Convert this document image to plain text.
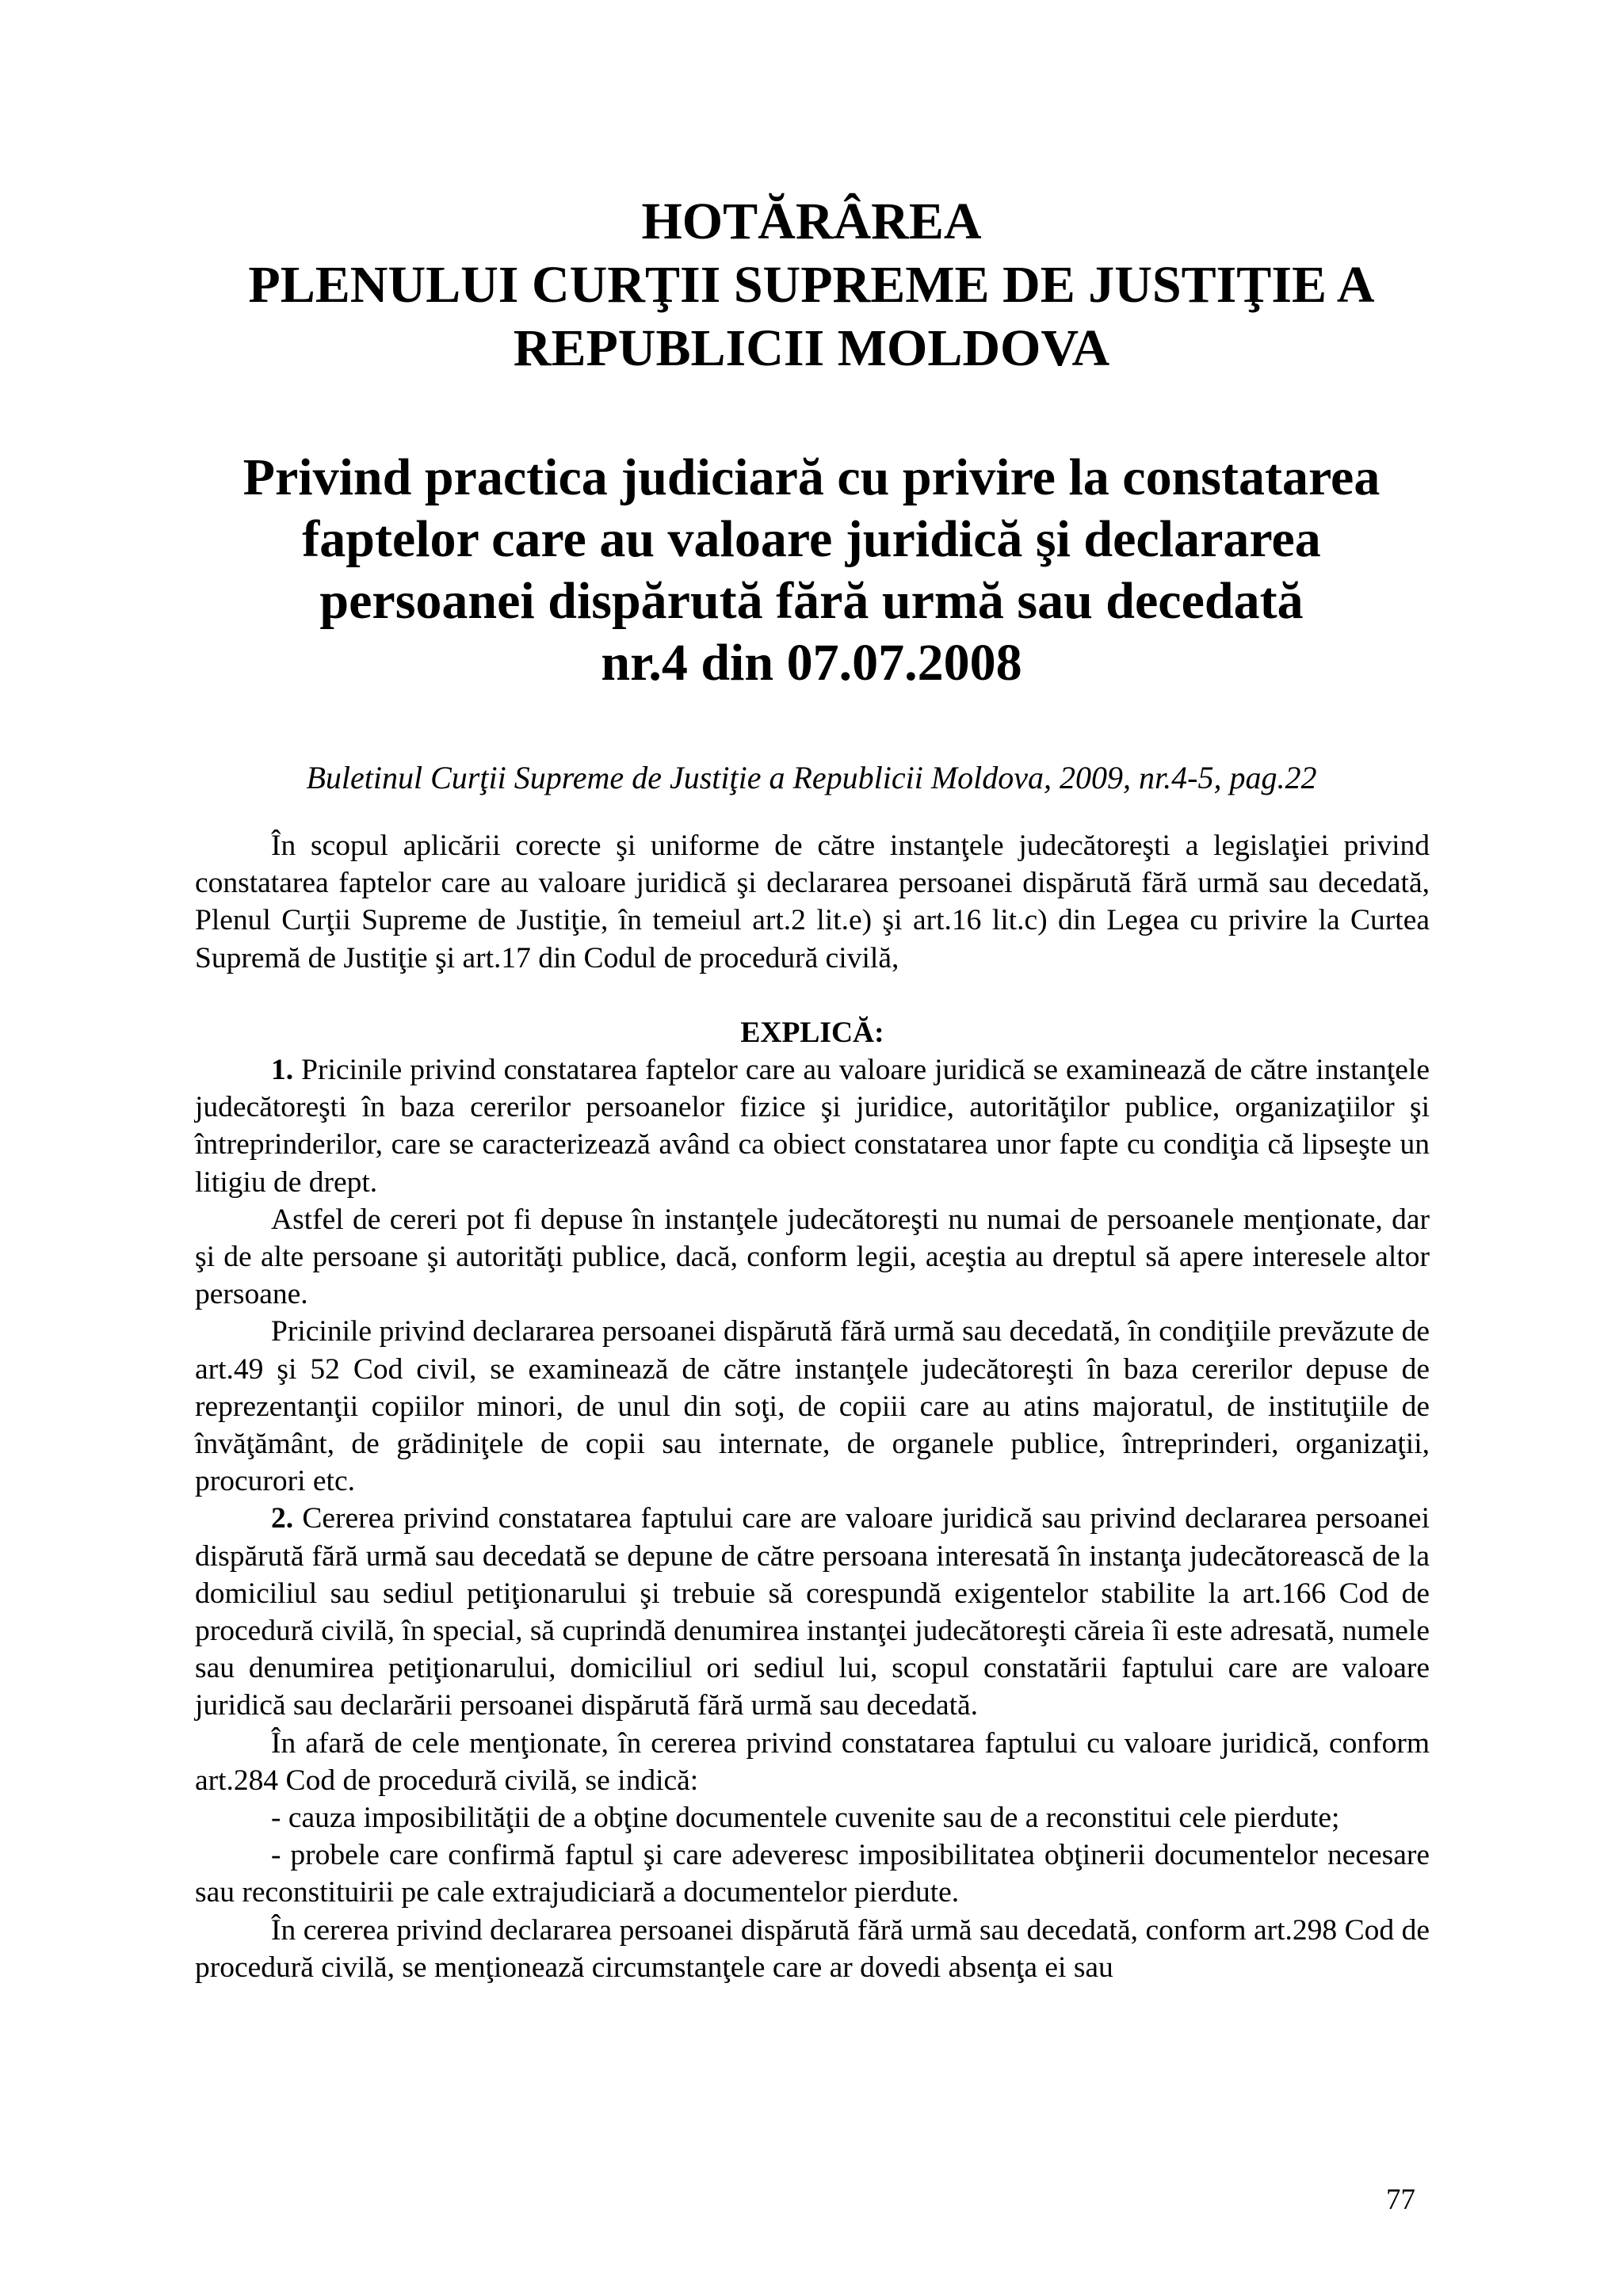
HOTĂRÂREA
PLENULUI CURŢII SUPREME DE JUSTIŢIE A
REPUBLICII MOLDOVA
Privind practica judiciară cu privire la constatarea
faptelor care au valoare juridică şi declararea
persoanei dispărută fără urmă sau decedată
nr.4 din 07.07.2008
Buletinul Curţii Supreme de Justiţie a Republicii Moldova, 2009, nr.4-5, pag.22

În scopul aplicării corecte şi uniforme de către instanţele judecătoreşti a legislaţiei privind constatarea faptelor care au valoare juridică şi declararea persoanei dispărută fără urmă sau decedată, Plenul Curţii Supreme de Justiţie, în temeiul art.2 lit.e) şi art.16 lit.c) din Legea cu privire la Curtea Supremă de Justiţie şi art.17 din Codul de procedură civilă,

EXPLICĂ:

1. Pricinile privind constatarea faptelor care au valoare juridică se examinează de către instanţele judecătoreşti în baza cererilor persoanelor fizice şi juridice, autorităţilor publice, organizaţiilor şi întreprinderilor, care se caracterizează având ca obiect constatarea unor fapte cu condiţia că lipseşte un litigiu de drept.

Astfel de cereri pot fi depuse în instanţele judecătoreşti nu numai de persoanele menţionate, dar şi de alte persoane şi autorităţi publice, dacă, conform legii, aceştia au dreptul să apere interesele altor persoane.

Pricinile privind declararea persoanei dispărută fără urmă sau decedată, în condiţiile prevăzute de art.49 şi 52 Cod civil, se examinează de către instanţele judecătoreşti în baza cererilor depuse de reprezentanţii copiilor minori, de unul din soţi, de copiii care au atins majoratul, de instituţiile de învăţământ, de grădiniţele de copii sau internate, de organele publice, întreprinderi, organizaţii, procurori etc.

2. Cererea privind constatarea faptului care are valoare juridică sau privind declararea persoanei dispărută fără urmă sau decedată se depune de către persoana interesată în instanţa judecătorească de la domiciliul sau sediul petiţionarului şi trebuie să corespundă exigentelor stabilite la art.166 Cod de procedură civilă, în special, să cuprindă denumirea instanţei judecătoreşti căreia îi este adresată, numele sau denumirea petiţionarului, domiciliul ori sediul lui, scopul constatării faptului care are valoare juridică sau declarării persoanei dispărută fără urmă sau decedată.

În afară de cele menţionate, în cererea privind constatarea faptului cu valoare juridică, conform art.284 Cod de procedură civilă, se indică:

- cauza imposibilităţii de a obţine documentele cuvenite sau de a reconstitui cele pierdute;

- probele care confirmă faptul şi care adeveresc imposibilitatea obţinerii documentelor necesare sau reconstituirii pe cale extrajudiciară a documentelor pierdute.

În cererea privind declararea persoanei dispărută fără urmă sau decedată, conform art.298 Cod de procedură civilă, se menţionează circumstanţele care ar dovedi absenţa ei sau

77
